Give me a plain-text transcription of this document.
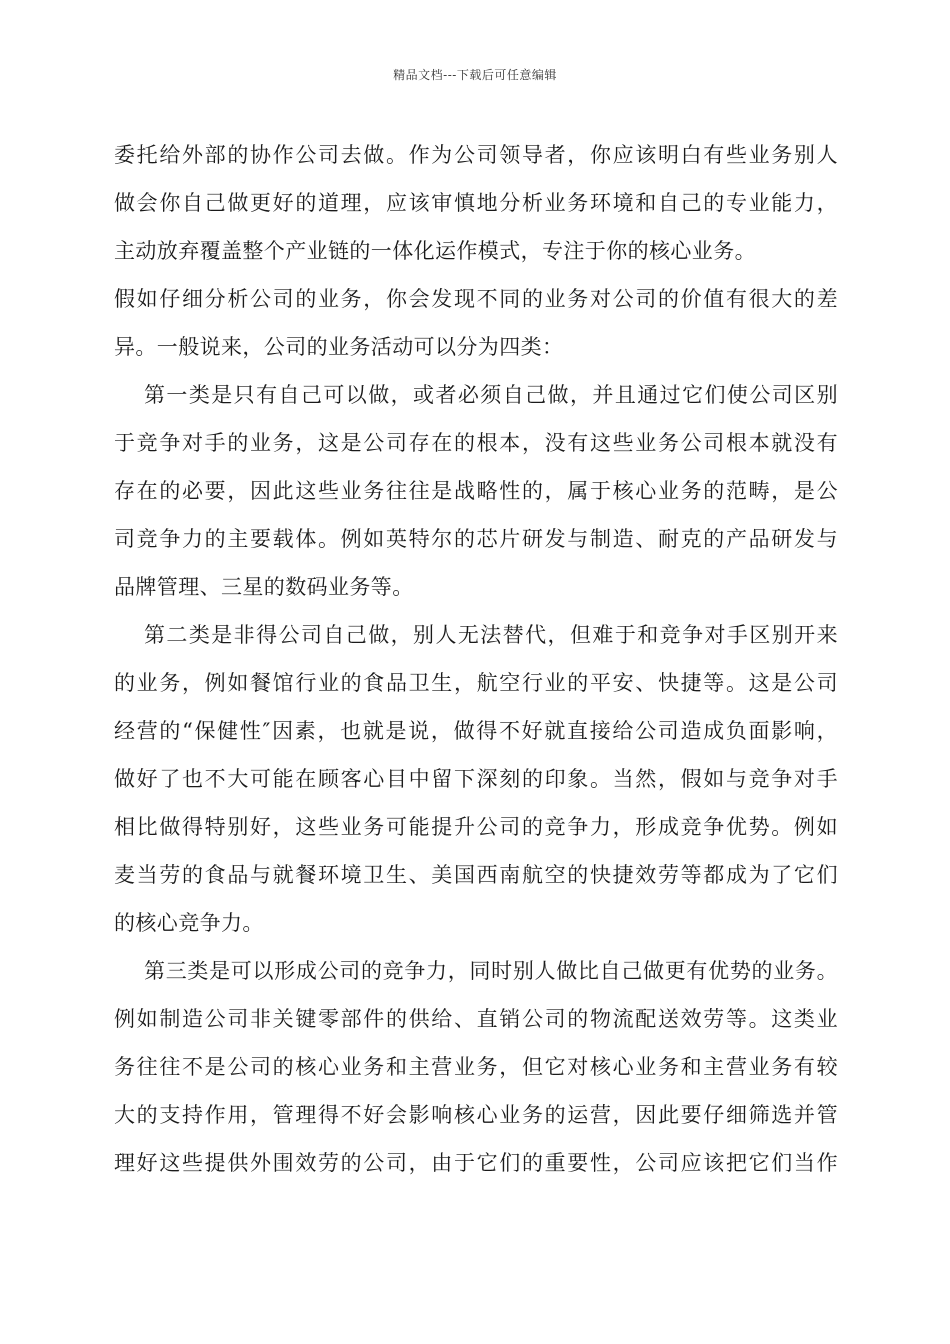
精品文档---下载后可任意编辑
委托给外部的协作公司去做。作为公司领导者，你应该明白有些业务别人
做会你自己做更好的道理，应该审慎地分析业务环境和自己的专业能力，
主动放弃覆盖整个产业链的一体化运作模式，专注于你的核心业务。
假如仔细分析公司的业务，你会发现不同的业务对公司的价值有很大的差
异。一般说来，公司的业务活动可以分为四类：
第一类是只有自己可以做，或者必须自己做，并且通过它们使公司区别
于竞争对手的业务，这是公司存在的根本，没有这些业务公司根本就没有
存在的必要，因此这些业务往往是战略性的，属于核心业务的范畴，是公
司竞争力的主要载体。例如英特尔的芯片研发与制造、耐克的产品研发与
品牌管理、三星的数码业务等。
第二类是非得公司自己做，别人无法替代，但难于和竞争对手区别开来
的业务，例如餐馆行业的食品卫生，航空行业的平安、快捷等。这是公司
经营的“保健性″因素，也就是说，做得不好就直接给公司造成负面影响，
做好了也不大可能在顾客心目中留下深刻的印象。当然，假如与竞争对手
相比做得特别好，这些业务可能提升公司的竞争力，形成竞争优势。例如
麦当劳的食品与就餐环境卫生、美国西南航空的快捷效劳等都成为了它们
的核心竞争力。
第三类是可以形成公司的竞争力，同时别人做比自己做更有优势的业务。
例如制造公司非关键零部件的供给、直销公司的物流配送效劳等。这类业
务往往不是公司的核心业务和主营业务，但它对核心业务和主营业务有较
大的支持作用，管理得不好会影响核心业务的运营，因此要仔细筛选并管
理好这些提供外围效劳的公司，由于它们的重要性，公司应该把它们当作
